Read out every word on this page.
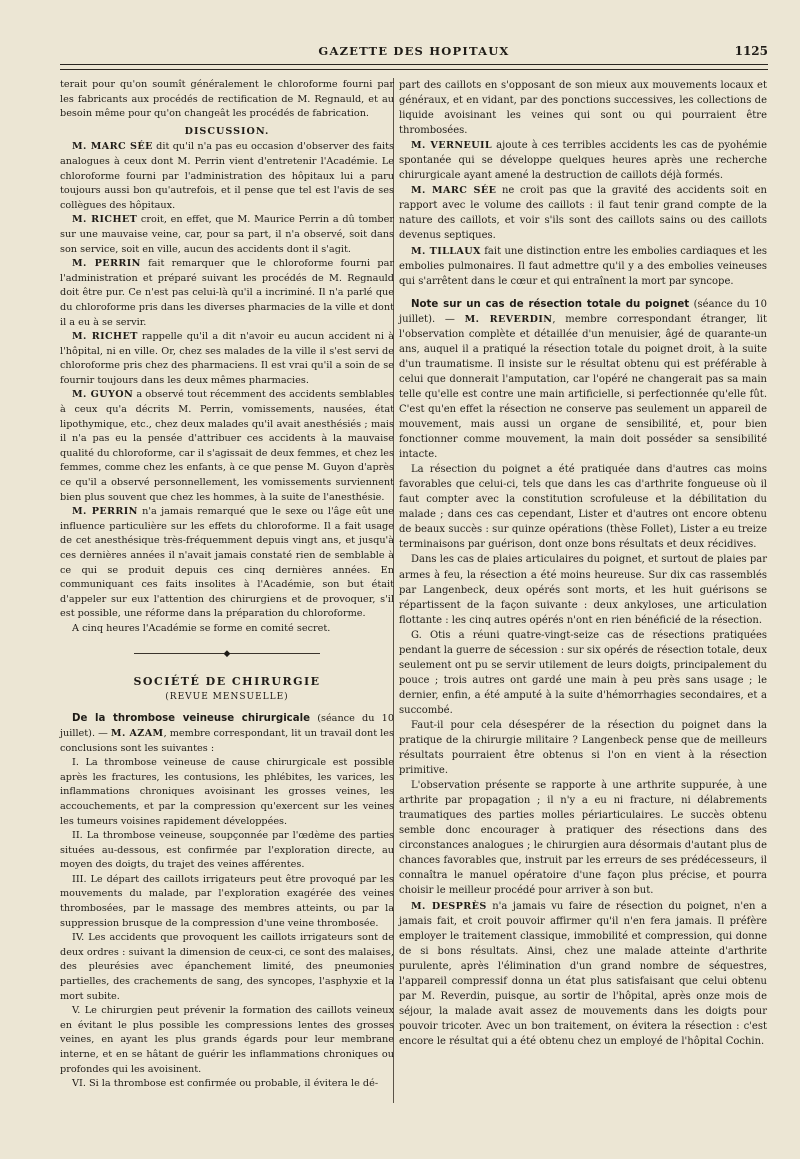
GAZETTE DES HOPITAUX	1125

terait pour qu'on soumît généralement le chloroforme fourni par les fabricants aux procédés de rectification de M. Regnauld, et au besoin même pour qu'on changeât les procédés de fabrication.

DISCUSSION.

M. MARC SÉE dit qu'il n'a pas eu occasion d'observer des faits analogues à ceux dont M. Perrin vient d'entretenir l'Académie. Le chloroforme fourni par l'administration des hôpitaux lui a paru toujours aussi bon qu'autrefois, et il pense que tel est l'avis de ses collègues des hôpitaux.

M. RICHET croit, en effet, que M. Maurice Perrin a dû tomber sur une mauvaise veine, car, pour sa part, il n'a observé, soit dans son service, soit en ville, aucun des accidents dont il s'agit.

M. PERRIN fait remarquer que le chloroforme fourni par l'administration et préparé suivant les procédés de M. Regnauld doit être pur. Ce n'est pas celui-là qu'il a incriminé. Il n'a parlé que du chloroforme pris dans les diverses pharmacies de la ville et dont il a eu à se servir.

M. RICHET rappelle qu'il a dit n'avoir eu aucun accident ni à l'hôpital, ni en ville. Or, chez ses malades de la ville il s'est servi de chloroforme pris chez des pharmaciens. Il est vrai qu'il a soin de se fournir toujours dans les deux mêmes pharmacies.

M. GUYON a observé tout récemment des accidents semblables à ceux qu'a décrits M. Perrin, vomissements, nausées, état lipothymique, etc., chez deux malades qu'il avait anesthésiés ; mais il n'a pas eu la pensée d'attribuer ces accidents à la mauvaise qualité du chloroforme, car il s'agissait de deux femmes, et chez les femmes, comme chez les enfants, à ce que pense M. Guyon d'après ce qu'il a observé personnellement, les vomissements surviennent bien plus souvent que chez les hommes, à la suite de l'anesthésie.

M. PERRIN n'a jamais remarqué que le sexe ou l'âge eût une influence particulière sur les effets du chloroforme. Il a fait usage de cet anesthésique très-fréquemment depuis vingt ans, et jusqu'à ces dernières années il n'avait jamais constaté rien de semblable à ce qui se produit depuis ces cinq dernières années. En communiquant ces faits insolites à l'Académie, son but était d'appeler sur eux l'attention des chirurgiens et de provoquer, s'il est possible, une réforme dans la préparation du chloroforme.

A cinq heures l'Académie se forme en comité secret.

◆
SOCIÉTÉ DE CHIRURGIE
(REVUE MENSUELLE)

De la thrombose veineuse chirurgicale (séance du 10 juillet). — M. AZAM, membre correspondant, lit un travail dont les conclusions sont les suivantes :

I. La thrombose veineuse de cause chirurgicale est possible après les fractures, les contusions, les phlébites, les varices, les inflammations chroniques avoisinant les grosses veines, les accouchements, et par la compression qu'exercent sur les veines les tumeurs voisines rapidement développées.

II. La thrombose veineuse, soupçonnée par l'œdème des parties situées au-dessous, est confirmée par l'exploration directe, au moyen des doigts, du trajet des veines afférentes.

III. Le départ des caillots irrigateurs peut être provoqué par les mouvements du malade, par l'exploration exagérée des veines thrombosées, par le massage des membres atteints, ou par la suppression brusque de la compression d'une veine thrombosée.

IV. Les accidents que provoquent les caillots irrigateurs sont de deux ordres : suivant la dimension de ceux-ci, ce sont des malaises, des pleurésies avec épanchement limité, des pneumonies partielles, des crachements de sang, des syncopes, l'asphyxie et la mort subite.

V. Le chirurgien peut prévenir la formation des caillots veineux en évitant le plus possible les compressions lentes des grosses veines, en ayant les plus grands égards pour leur membrane interne, et en se hâtant de guérir les inflammations chroniques ou profondes qui les avoisinent.

VI. Si la thrombose est confirmée ou probable, il évitera le dé-

part des caillots en s'opposant de son mieux aux mouvements locaux et généraux, et en vidant, par des ponctions successives, les collections de liquide avoisinant les veines qui sont ou qui pourraient être thrombosées.

M. VERNEUIL ajoute à ces terribles accidents les cas de pyohémie spontanée qui se développe quelques heures après une recherche chirurgicale ayant amené la destruction de caillots déjà formés.

M. MARC SÉE ne croit pas que la gravité des accidents soit en rapport avec le volume des caillots : il faut tenir grand compte de la nature des caillots, et voir s'ils sont des caillots sains ou des caillots devenus septiques.

M. TILLAUX fait une distinction entre les embolies cardiaques et les embolies pulmonaires. Il faut admettre qu'il y a des embolies veineuses qui s'arrêtent dans le cœur et qui entraînent la mort par syncope.

Note sur un cas de résection totale du poignet (séance du 10 juillet). — M. REVERDIN, membre correspondant étranger, lit l'observation complète et détaillée d'un menuisier, âgé de quarante-un ans, auquel il a pratiqué la résection totale du poignet droit, à la suite d'un traumatisme. Il insiste sur le résultat obtenu qui est préférable à celui que donnerait l'amputation, car l'opéré ne changerait pas sa main telle qu'elle est contre une main artificielle, si perfectionnée qu'elle fût. C'est qu'en effet la résection ne conserve pas seulement un appareil de mouvement, mais aussi un organe de sensibilité, et, pour bien fonctionner comme mouvement, la main doit posséder sa sensibilité intacte.

La résection du poignet a été pratiquée dans d'autres cas moins favorables que celui-ci, tels que dans les cas d'arthrite fongueuse où il faut compter avec la constitution scrofuleuse et la débilitation du malade ; dans ces cas cependant, Lister et d'autres ont encore obtenu de beaux succès : sur quinze opérations (thèse Follet), Lister a eu treize terminaisons par guérison, dont onze bons résultats et deux récidives.

Dans les cas de plaies articulaires du poignet, et surtout de plaies par armes à feu, la résection a été moins heureuse. Sur dix cas rassemblés par Langenbeck, deux opérés sont morts, et les huit guérisons se répartissent de la façon suivante : deux ankyloses, une articulation flottante : les cinq autres opérés n'ont en rien bénéficié de la résection.

G. Otis a réuni quatre-vingt-seize cas de résections pratiquées pendant la guerre de sécession : sur six opérés de résection totale, deux seulement ont pu se servir utilement de leurs doigts, principalement du pouce ; trois autres ont gardé une main à peu près sans usage ; le dernier, enfin, a été amputé à la suite d'hémorrhagies secondaires, et a succombé.

Faut-il pour cela désespérer de la résection du poignet dans la pratique de la chirurgie militaire ? Langenbeck pense que de meilleurs résultats pourraient être obtenus si l'on en vient à la résection primitive.

L'observation présente se rapporte à une arthrite suppurée, à une arthrite par propagation ; il n'y a eu ni fracture, ni délabrements traumatiques des parties molles périarticulaires. Le succès obtenu semble donc encourager à pratiquer des résections dans des circonstances analogues ; le chirurgien aura désormais d'autant plus de chances favorables que, instruit par les erreurs de ses prédécesseurs, il connaîtra le manuel opératoire d'une façon plus précise, et pourra choisir le meilleur procédé pour arriver à son but.

M. DESPRÈS n'a jamais vu faire de résection du poignet, n'en a jamais fait, et croit pouvoir affirmer qu'il n'en fera jamais. Il préfère employer le traitement classique, immobilité et compression, qui donne de si bons résultats. Ainsi, chez une malade atteinte d'arthrite purulente, après l'élimination d'un grand nombre de séquestres, l'appareil compressif donna un état plus satisfaisant que celui obtenu par M. Reverdin, puisque, au sortir de l'hôpital, après onze mois de séjour, la malade avait assez de mouvements dans les doigts pour pouvoir tricoter. Avec un bon traitement, on évitera la résection : c'est encore le résultat qui a été obtenu chez un employé de l'hôpital Cochin.
